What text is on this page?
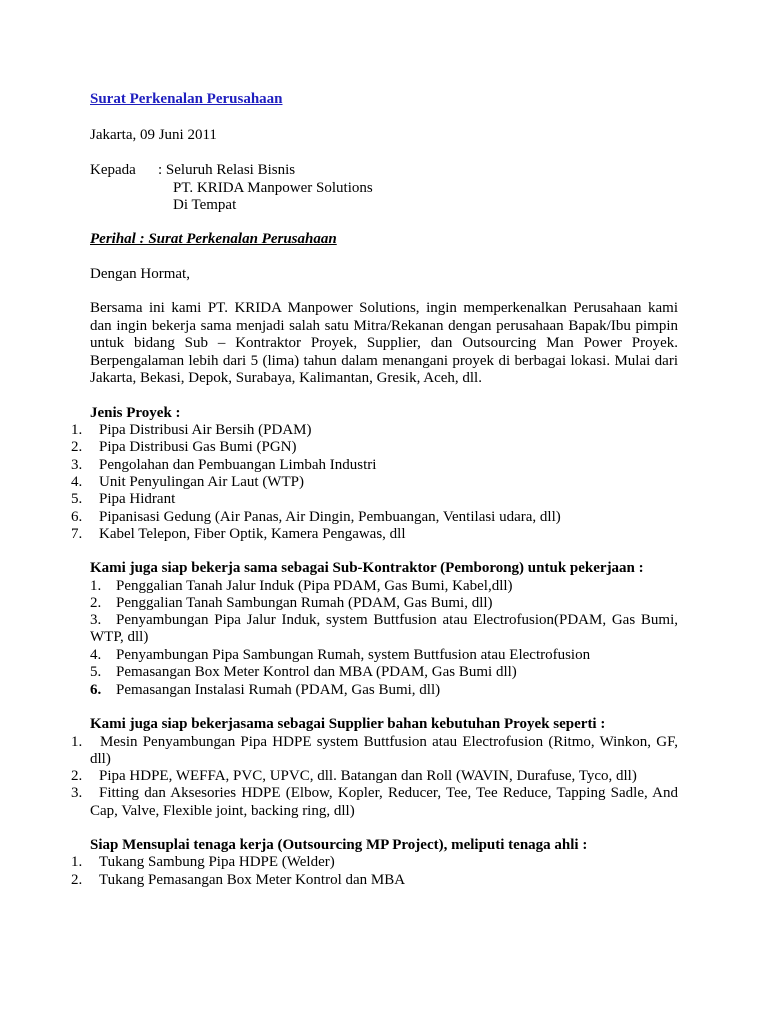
Surat Perkenalan Perusahaan
Jakarta, 09 Juni 2011
Kepada : Seluruh Relasi Bisnis
PT. KRIDA Manpower Solutions
Di Tempat
Perihal : Surat Perkenalan Perusahaan
Dengan Hormat,
Bersama ini kami PT. KRIDA Manpower Solutions, ingin memperkenalkan Perusahaan kami
dan ingin bekerja sama menjadi salah satu Mitra/Rekanan dengan perusahaan Bapak/Ibu pimpin
untuk bidang Sub – Kontraktor Proyek, Supplier, dan Outsourcing Man Power Proyek.
Berpengalaman lebih dari 5 (lima) tahun dalam menangani proyek di berbagai lokasi. Mulai dari
Jakarta, Bekasi, Depok, Surabaya, Kalimantan, Gresik, Aceh, dll.
Jenis Proyek :
1. Pipa Distribusi Air Bersih (PDAM)
2. Pipa Distribusi Gas Bumi (PGN)
3. Pengolahan dan Pembuangan Limbah Industri
4. Unit Penyulingan Air Laut (WTP)
5. Pipa Hidrant
6. Pipanisasi Gedung (Air Panas, Air Dingin, Pembuangan, Ventilasi udara, dll)
7. Kabel Telepon, Fiber Optik, Kamera Pengawas, dll
Kami juga siap bekerja sama sebagai Sub-Kontraktor (Pemborong) untuk pekerjaan :
1. Penggalian Tanah Jalur Induk (Pipa PDAM, Gas Bumi, Kabel,dll)
2. Penggalian Tanah Sambungan Rumah (PDAM, Gas Bumi, dll)
3. Penyambungan Pipa Jalur Induk, system Buttfusion atau Electrofusion(PDAM, Gas Bumi,
WTP, dll)
4. Penyambungan Pipa Sambungan Rumah, system Buttfusion atau Electrofusion
5. Pemasangan Box Meter Kontrol dan MBA (PDAM, Gas Bumi dll)
6. Pemasangan Instalasi Rumah (PDAM, Gas Bumi, dll)
Kami juga siap bekerjasama sebagai Supplier bahan kebutuhan Proyek seperti :
1. Mesin Penyambungan Pipa HDPE system Buttfusion atau Electrofusion (Ritmo, Winkon, GF,
dll)
2. Pipa HDPE, WEFFA, PVC, UPVC, dll. Batangan dan Roll (WAVIN, Durafuse, Tyco, dll)
3. Fitting dan Aksesories HDPE (Elbow, Kopler, Reducer, Tee, Tee Reduce, Tapping Sadle, And
Cap, Valve, Flexible joint, backing ring, dll)
Siap Mensuplai tenaga kerja (Outsourcing MP Project), meliputi tenaga ahli :
1. Tukang Sambung Pipa HDPE (Welder)
2. Tukang Pemasangan Box Meter Kontrol dan MBA
